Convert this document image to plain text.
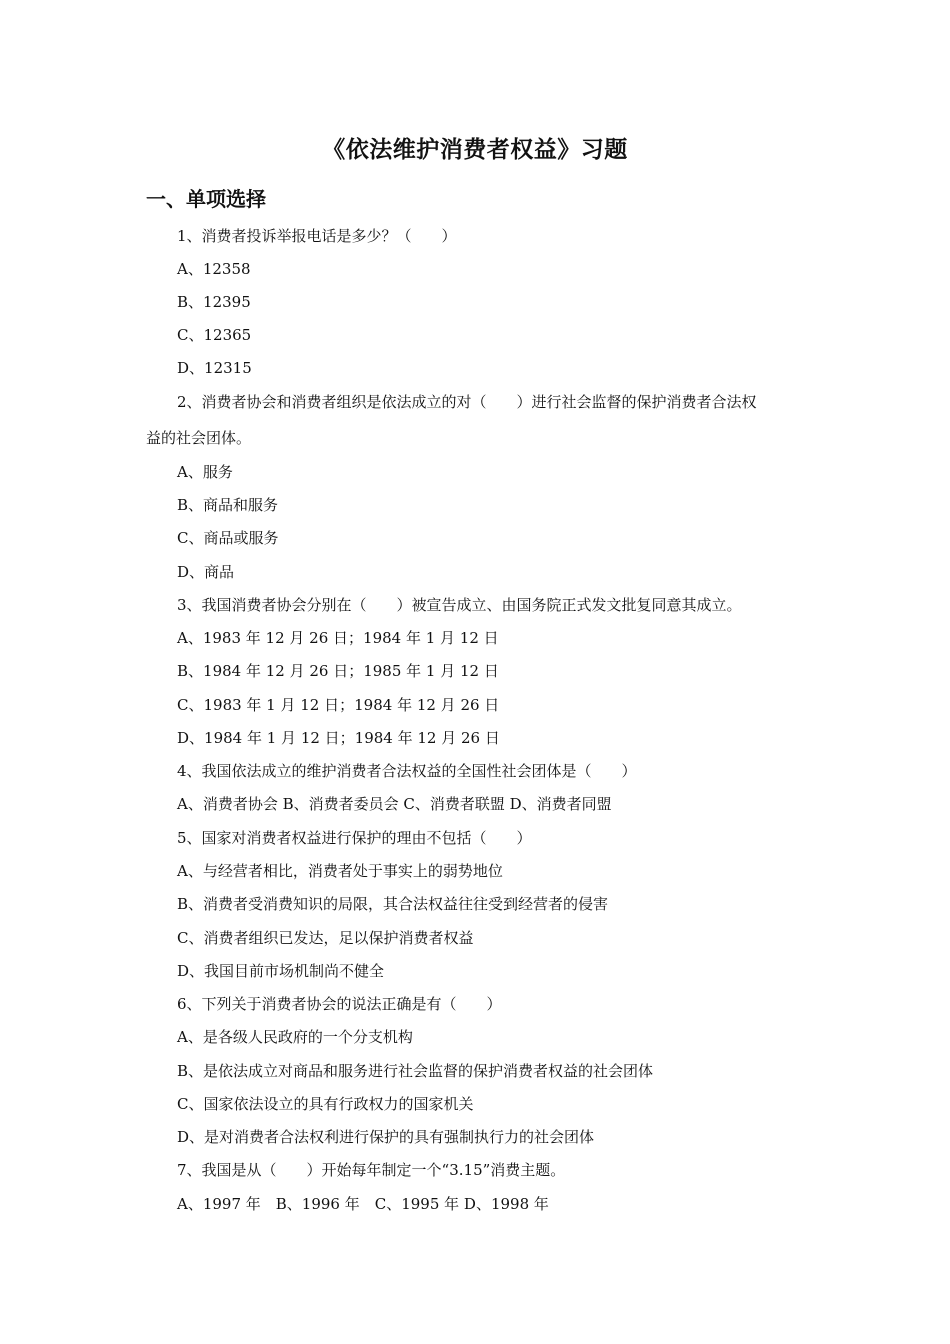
《依法维护消费者权益》习题
一、单项选择
1、消费者投诉举报电话是多少？（　　）
A、12358
B、12395
C、12365
D、12315
2、消费者协会和消费者组织是依法成立的对（　　）进行社会监督的保护消费者合法权
益的社会团体。
A、服务
B、商品和服务
C、商品或服务
D、商品
3、我国消费者协会分别在（　　）被宣告成立、由国务院正式发文批复同意其成立。
A、1983 年 12 月 26 日；1984 年 1 月 12 日
B、1984 年 12 月 26 日；1985 年 1 月 12 日
C、1983 年 1 月 12 日；1984 年 12 月 26 日
D、1984 年 1 月 12 日；1984 年 12 月 26 日
4、我国依法成立的维护消费者合法权益的全国性社会团体是（　　）
A、消费者协会 B、消费者委员会 C、消费者联盟 D、消费者同盟
5、国家对消费者权益进行保护的理由不包括（　　）
A、与经营者相比，消费者处于事实上的弱势地位
B、消费者受消费知识的局限，其合法权益往往受到经营者的侵害
C、消费者组织已发达，足以保护消费者权益
D、我国目前市场机制尚不健全
6、下列关于消费者协会的说法正确是有（　　）
A、是各级人民政府的一个分支机构
B、是依法成立对商品和服务进行社会监督的保护消费者权益的社会团体
C、国家依法设立的具有行政权力的国家机关
D、是对消费者合法权利进行保护的具有强制执行力的社会团体
7、我国是从（　　）开始每年制定一个“3.15”消费主题。
A、1997 年　B、1996 年　C、1995 年 D、1998 年
